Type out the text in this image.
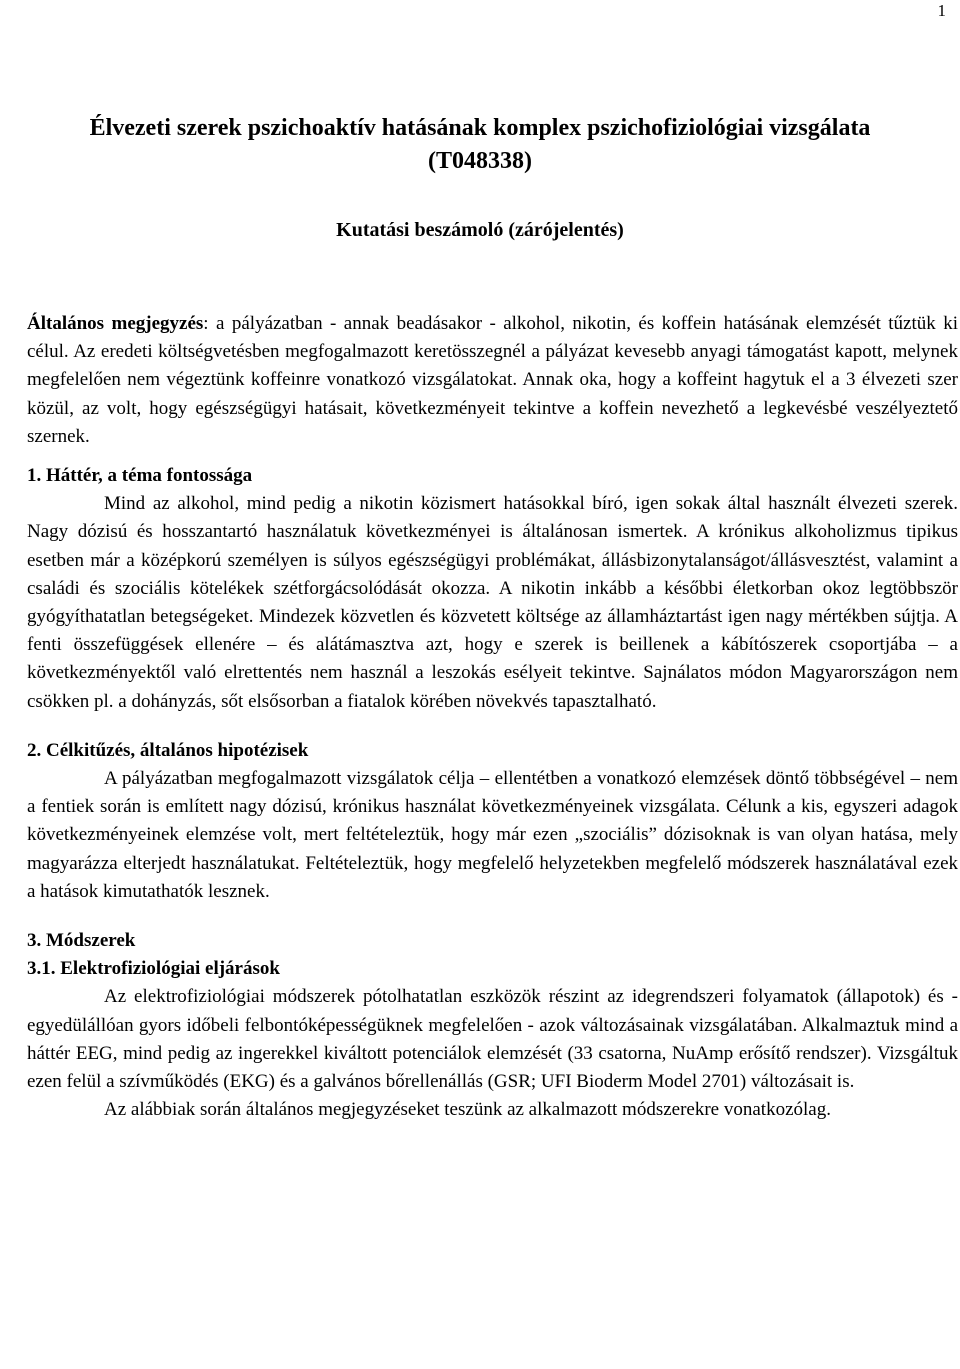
1
Élvezeti szerek pszichoaktív hatásának komplex pszichofiziológiai vizsgálata
(T048338)
Kutatási beszámoló (zárójelentés)

Általános megjegyzés: a pályázatban - annak beadásakor - alkohol, nikotin, és koffein hatásának elemzését tűztük ki célul. Az eredeti költségvetésben megfogalmazott keretösszegnél a pályázat kevesebb anyagi támogatást kapott, melynek megfelelően nem végeztünk koffeinre vonatkozó vizsgálatokat. Annak oka, hogy a koffeint hagytuk el a 3 élvezeti szer közül, az volt, hogy egészségügyi hatásait, következményeit tekintve a koffein nevezhető a legkevésbé veszélyeztető szernek.

1. Háttér, a téma fontossága

Mind az alkohol, mind pedig a nikotin közismert hatásokkal bíró, igen sokak által használt élvezeti szerek. Nagy dózisú és hosszantartó használatuk következményei is általánosan ismertek. A krónikus alkoholizmus tipikus esetben már a középkorú személyen is súlyos egészségügyi problémákat, állásbizonytalanságot/állásvesztést, valamint a családi és szociális kötelékek szétforgácsolódását okozza. A nikotin inkább a későbbi életkorban okoz legtöbbször gyógyíthatatlan betegségeket. Mindezek közvetlen és közvetett költsége az államháztartást igen nagy mértékben sújtja. A fenti összefüggések ellenére – és alátámasztva azt, hogy e szerek is beillenek a kábítószerek csoportjába – a következményektől való elrettentés nem használ a leszokás esélyeit tekintve. Sajnálatos módon Magyarországon nem csökken pl. a dohányzás, sőt elsősorban a fiatalok körében növekvés tapasztalható.

2. Célkitűzés, általános hipotézisek

A pályázatban megfogalmazott vizsgálatok célja – ellentétben a vonatkozó elemzések döntő többségével – nem a fentiek során is említett nagy dózisú, krónikus használat következményeinek vizsgálata. Célunk a kis, egyszeri adagok következményeinek elemzése volt, mert feltételeztük, hogy már ezen „szociális” dózisoknak is van olyan hatása, mely magyarázza elterjedt használatukat. Feltételeztük, hogy megfelelő helyzetekben megfelelő módszerek használatával ezek a hatások kimutathatók lesznek.

3. Módszerek
3.1. Elektrofiziológiai eljárások

Az elektrofiziológiai módszerek pótolhatatlan eszközök részint az idegrendszeri folyamatok (állapotok) és - egyedülállóan gyors időbeli felbontóképességüknek megfelelően - azok változásainak vizsgálatában. Alkalmaztuk mind a háttér EEG, mind pedig az ingerekkel kiváltott potenciálok elemzését (33 csatorna, NuAmp erősítő rendszer). Vizsgáltuk ezen felül a szívműködés (EKG) és a galvános bőrellenállás (GSR; UFI Bioderm Model 2701) változásait is.

Az alábbiak során általános megjegyzéseket teszünk az alkalmazott módszerekre vonatkozólag.
